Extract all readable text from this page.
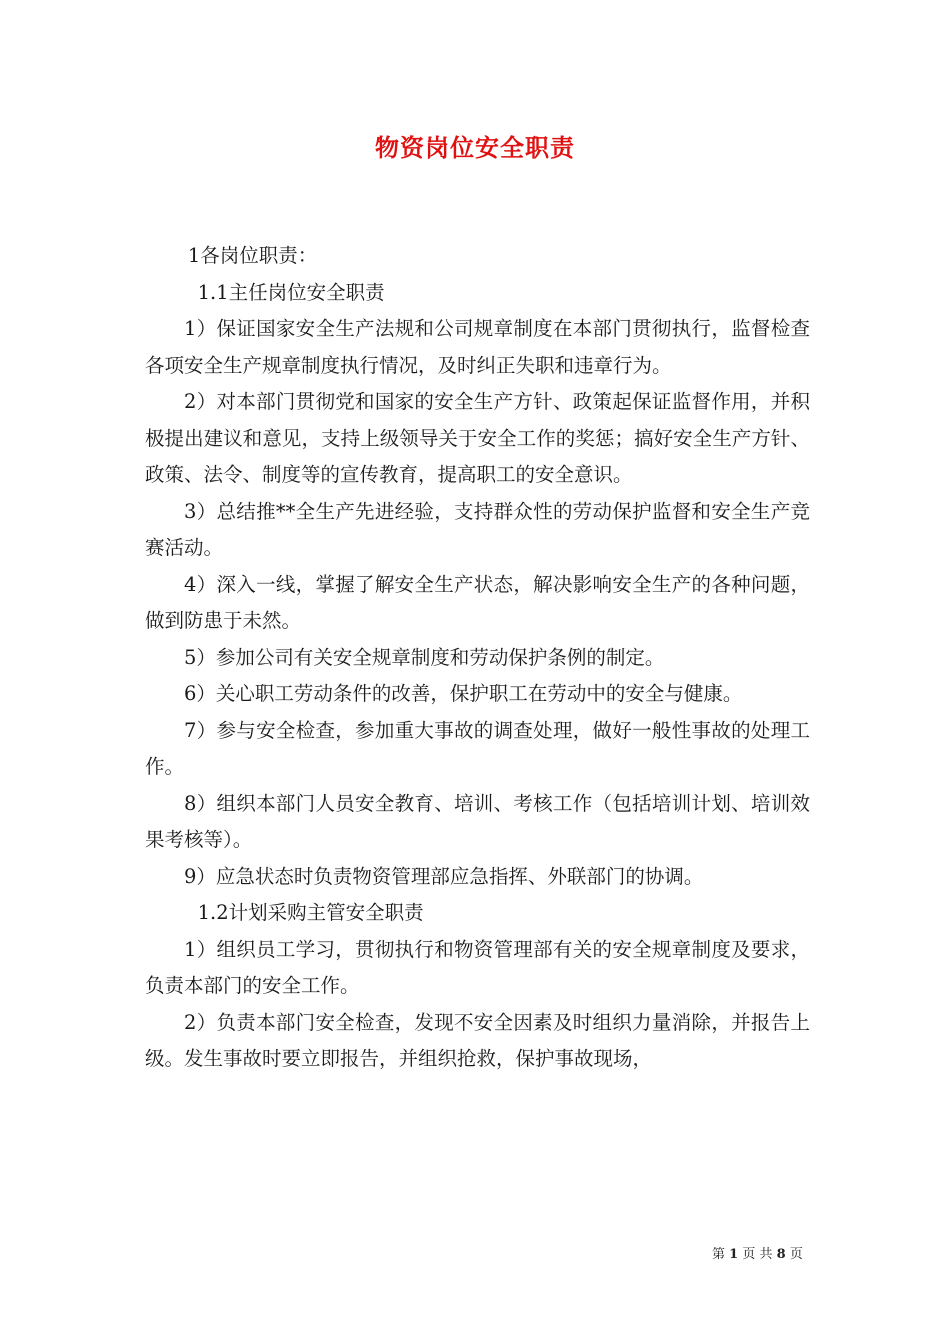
物资岗位安全职责

1各岗位职责：

1.1主任岗位安全职责

1）保证国家安全生产法规和公司规章制度在本部门贯彻执行，监督检查各项安全生产规章制度执行情况，及时纠正失职和违章行为。

2）对本部门贯彻党和国家的安全生产方针、政策起保证监督作用，并积极提出建议和意见，支持上级领导关于安全工作的奖惩；搞好安全生产方针、政策、法令、制度等的宣传教育，提高职工的安全意识。

3）总结推**全生产先进经验，支持群众性的劳动保护监督和安全生产竞赛活动。

4）深入一线，掌握了解安全生产状态，解决影响安全生产的各种问题，做到防患于未然。

5）参加公司有关安全规章制度和劳动保护条例的制定。

6）关心职工劳动条件的改善，保护职工在劳动中的安全与健康。

7）参与安全检查，参加重大事故的调查处理，做好一般性事故的处理工作。

8）组织本部门人员安全教育、培训、考核工作（包括培训计划、培训效果考核等）。

9）应急状态时负责物资管理部应急指挥、外联部门的协调。

1.2计划采购主管安全职责

1）组织员工学习，贯彻执行和物资管理部有关的安全规章制度及要求，负责本部门的安全工作。

2）负责本部门安全检查，发现不安全因素及时组织力量消除，并报告上级。发生事故时要立即报告，并组织抢救，保护事故现场，

第 1 页 共 8 页
